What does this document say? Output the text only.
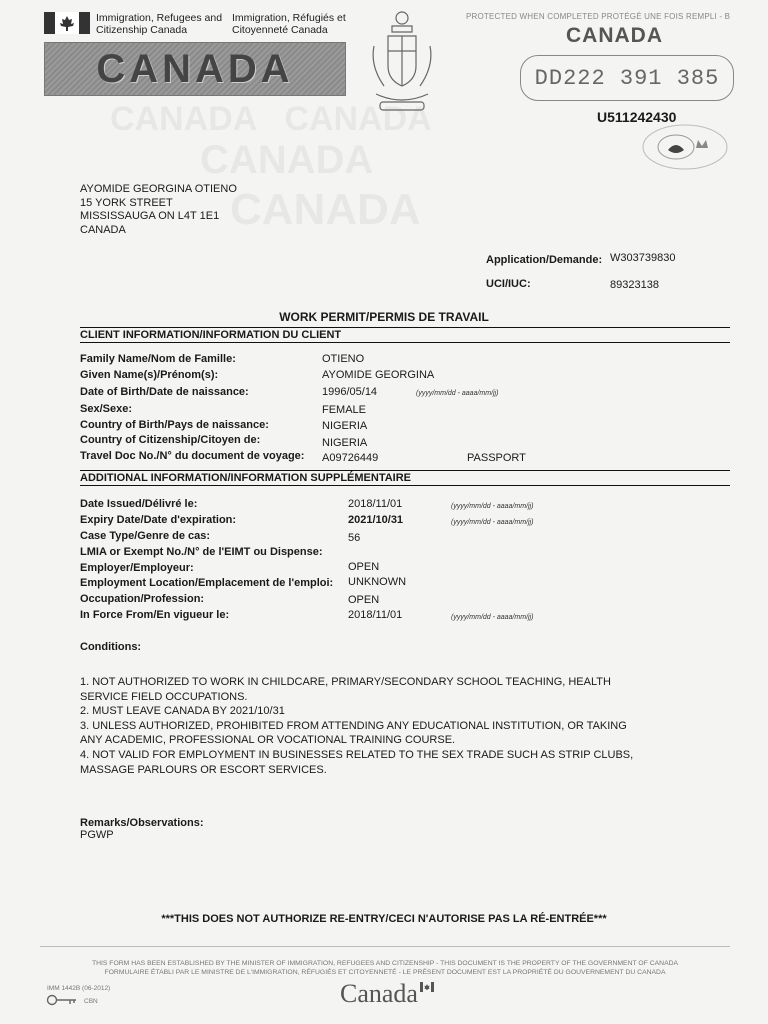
CANADA   CANADA
CANADA
CANADA
Immigration, Refugees and
Citizenship Canada
Immigration, Réfugiés et
Citoyenneté Canada
CANADA
PROTECTED WHEN COMPLETED PROTÉGÉ UNE FOIS REMPLI - B
CANADA
DD222 391 385
U511242430
AYOMIDE GEORGINA OTIENO
15 YORK STREET
MISSISSAUGA ON L4T 1E1
CANADA
Application/Demande: W303739830
UCI/IUC:	89323138
WORK PERMIT/PERMIS DE TRAVAIL
CLIENT INFORMATION/INFORMATION DU CLIENT
Family Name/Nom de Famille:	OTIENO
Given Name(s)/Prénom(s):	AYOMIDE GEORGINA
Date of Birth/Date de naissance:	1996/05/14	(yyyy/mm/dd - aaaa/mm/jj)
Sex/Sexe:	FEMALE
Country of Birth/Pays de naissance:	NIGERIA
Country of Citizenship/Citoyen de:	NIGERIA
Travel Doc No./N° du document de voyage: A09726449	PASSPORT
ADDITIONAL INFORMATION/INFORMATION SUPPLÉMENTAIRE
Date Issued/Délivré le:	2018/11/01	(yyyy/mm/dd - aaaa/mm/jj)
Expiry Date/Date d'expiration:	2021/10/31	(yyyy/mm/dd - aaaa/mm/jj)
Case Type/Genre de cas:	56
LMIA or Exempt No./N° de l'EIMT ou Dispense:
Employer/Employeur:	OPEN
Employment Location/Emplacement de l'emploi: UNKNOWN
Occupation/Profession:	OPEN
In Force From/En vigueur le:	2018/11/01	(yyyy/mm/dd - aaaa/mm/jj)
Conditions:
1. NOT AUTHORIZED TO WORK IN CHILDCARE, PRIMARY/SECONDARY SCHOOL TEACHING, HEALTH
SERVICE FIELD OCCUPATIONS.
2. MUST LEAVE CANADA BY 2021/10/31
3. UNLESS AUTHORIZED, PROHIBITED FROM ATTENDING ANY EDUCATIONAL INSTITUTION, OR TAKING
ANY ACADEMIC, PROFESSIONAL OR VOCATIONAL TRAINING COURSE.
4. NOT VALID FOR EMPLOYMENT IN BUSINESSES RELATED TO THE SEX TRADE SUCH AS STRIP CLUBS,
MASSAGE PARLOURS OR ESCORT SERVICES.
Remarks/Observations:
PGWP
***THIS DOES NOT AUTHORIZE RE-ENTRY/CECI N'AUTORISE PAS LA RÉ-ENTRÉE***
THIS FORM HAS BEEN ESTABLISHED BY THE MINISTER OF IMMIGRATION, REFUGEES AND CITIZENSHIP - THIS DOCUMENT IS THE PROPERTY OF THE GOVERNMENT OF CANADA
FORMULAIRE ÉTABLI PAR LE MINISTRE DE L'IMMIGRATION, RÉFUGIÉS ET CITOYENNETÉ - LE PRÉSENT DOCUMENT EST LA PROPRIÉTÉ DU GOUVERNEMENT DU CANADA
IMM 1442B (06-2012)
CBN	Canada
